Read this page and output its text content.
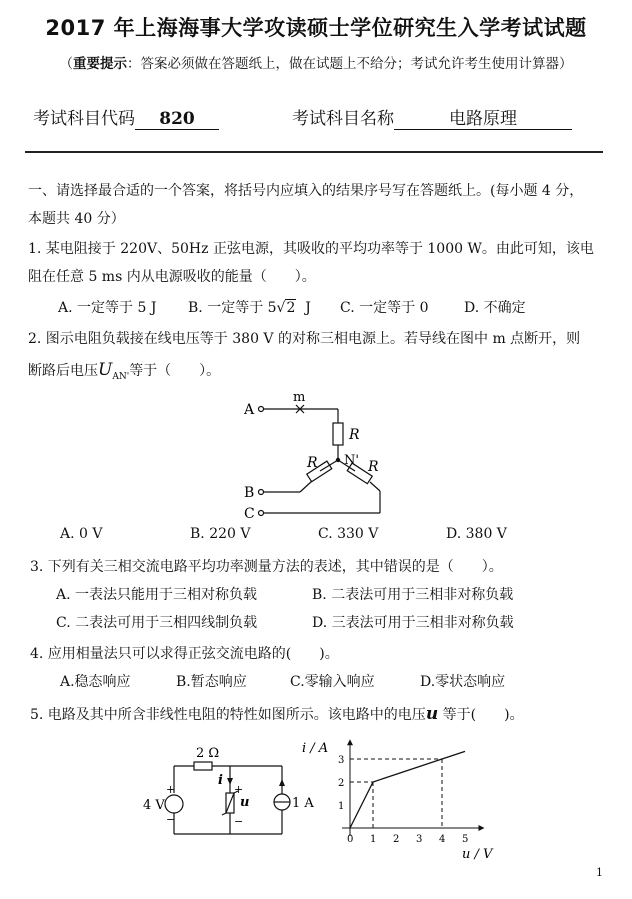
2017 年上海海事大学攻读硕士学位研究生入学考试试题
（重要提示：答案必须做在答题纸上，做在试题上不给分；考试允许考生使用计算器）
考试科目代码 820	考试科目名称	电路原理
一、请选择最合适的一个答案，将括号内应填入的结果序号写在答题纸上。(每小题 4 分，
本题共 40 分）
1. 某电阻接于 220V、50Hz 正弦电源，其吸收的平均功率等于 1000 W。由此可知，该电
阻在任意 5 ms 内从电源吸收的能量（　　）。
A. 一定等于 5 J B. 一定等于 5√2 J C. 一定等于 0	D. 不确定
2. 图示电阻负载接在线电压等于 380 V 的对称三相电源上。若导线在图中 m 点断开，则
断路后电压$U_{AN'}$等于（　　）。
A
B
C
m
R
R	R
N'
A. 0 V	B. 220 V	C. 330 V	D. 380 V
3. 下列有关三相交流电路平均功率测量方法的表述，其中错误的是（　　）。
A. 一表法只能用于三相对称负载	B. 二表法可用于三相非对称负载
C. 二表法可用于三相四线制负载	D. 三表法可用于三相非对称负载
4. 应用相量法只可以求得正弦交流电路的(　　)。
A.稳态响应	B.暂态响应	C.零输入响应	D.零状态响应
5. 电路及其中所含非线性电阻的特性如图所示。该电路中的电压u 等于(　　)。
2 Ω
4 V	1 A
i
u
+
−
+
−
0 1 2 3 4 5
1
2
3
i / A
u / V
1
